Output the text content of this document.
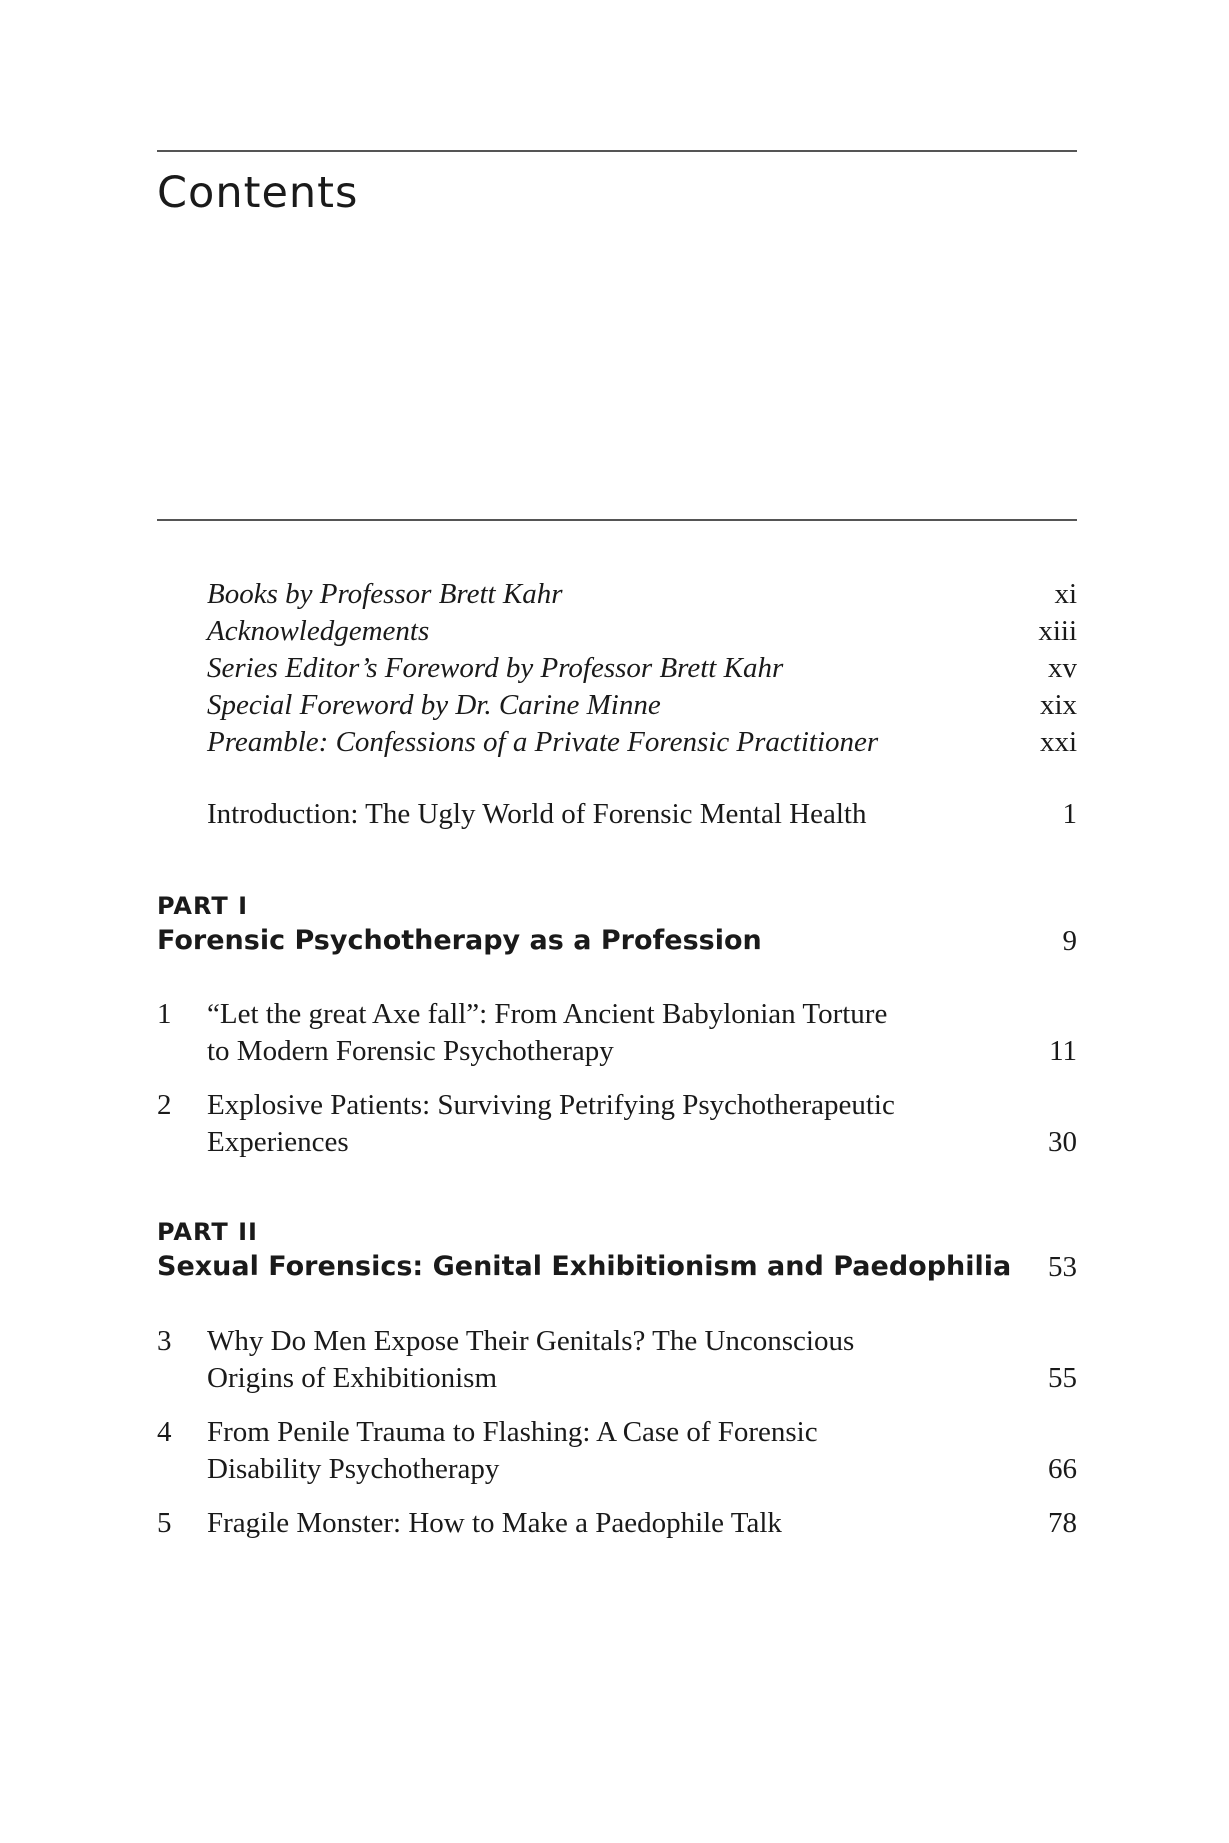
Contents
Books by Professor Brett Kahr	xi
Acknowledgements	xiii
Series Editor’s Foreword by Professor Brett Kahr	xv
Special Foreword by Dr. Carine Minne	xix
Preamble: Confessions of a Private Forensic Practitioner	xxi
Introduction: The Ugly World of Forensic Mental Health	1
PART I
Forensic Psychotherapy as a Profession	9
1 “Let the great Axe fall”: From Ancient Babylonian Torture
to Modern Forensic Psychotherapy	11
2 Explosive Patients: Surviving Petrifying Psychotherapeutic
Experiences	30
PART II
Sexual Forensics: Genital Exhibitionism and Paedophilia 53
3 Why Do Men Expose Their Genitals? The Unconscious
Origins of Exhibitionism	55
4 From Penile Trauma to Flashing: A Case of Forensic
Disability Psychotherapy	66
5 Fragile Monster: How to Make a Paedophile Talk	78
